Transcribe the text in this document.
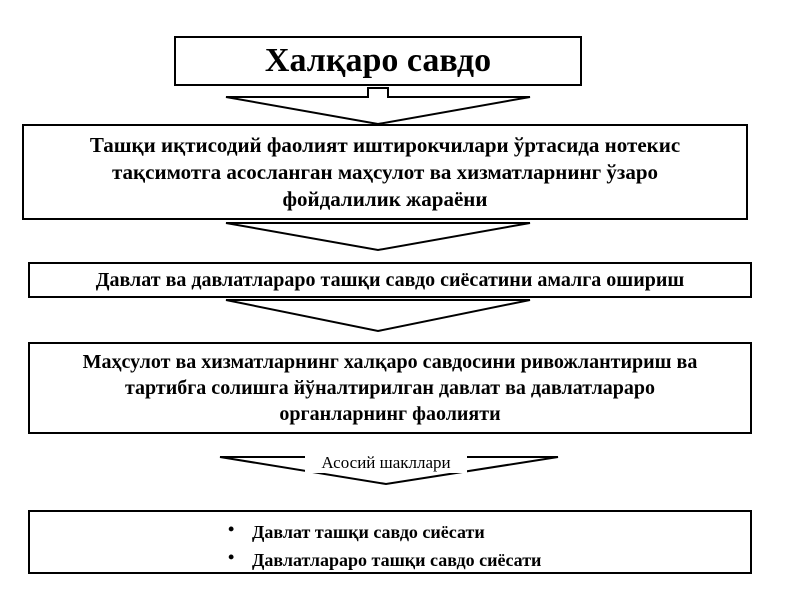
Халқаро савдо
Ташқи иқтисодий фаолият иштирокчилари ўртасида нотекис
тақсимотга асосланган маҳсулот ва хизматларнинг ўзаро
фойдалилик жараёни
Давлат ва давлатлараро ташқи савдо сиёсатини амалга ошириш
Маҳсулот ва хизматларнинг халқаро савдосини ривожлантириш ва
тартибга солишга йўналтирилган давлат ва давлатлараро
органларнинг фаолияти
Асосий шакллари
• Давлат ташқи савдо сиёсати
• Давлатлараро ташқи савдо сиёсати
